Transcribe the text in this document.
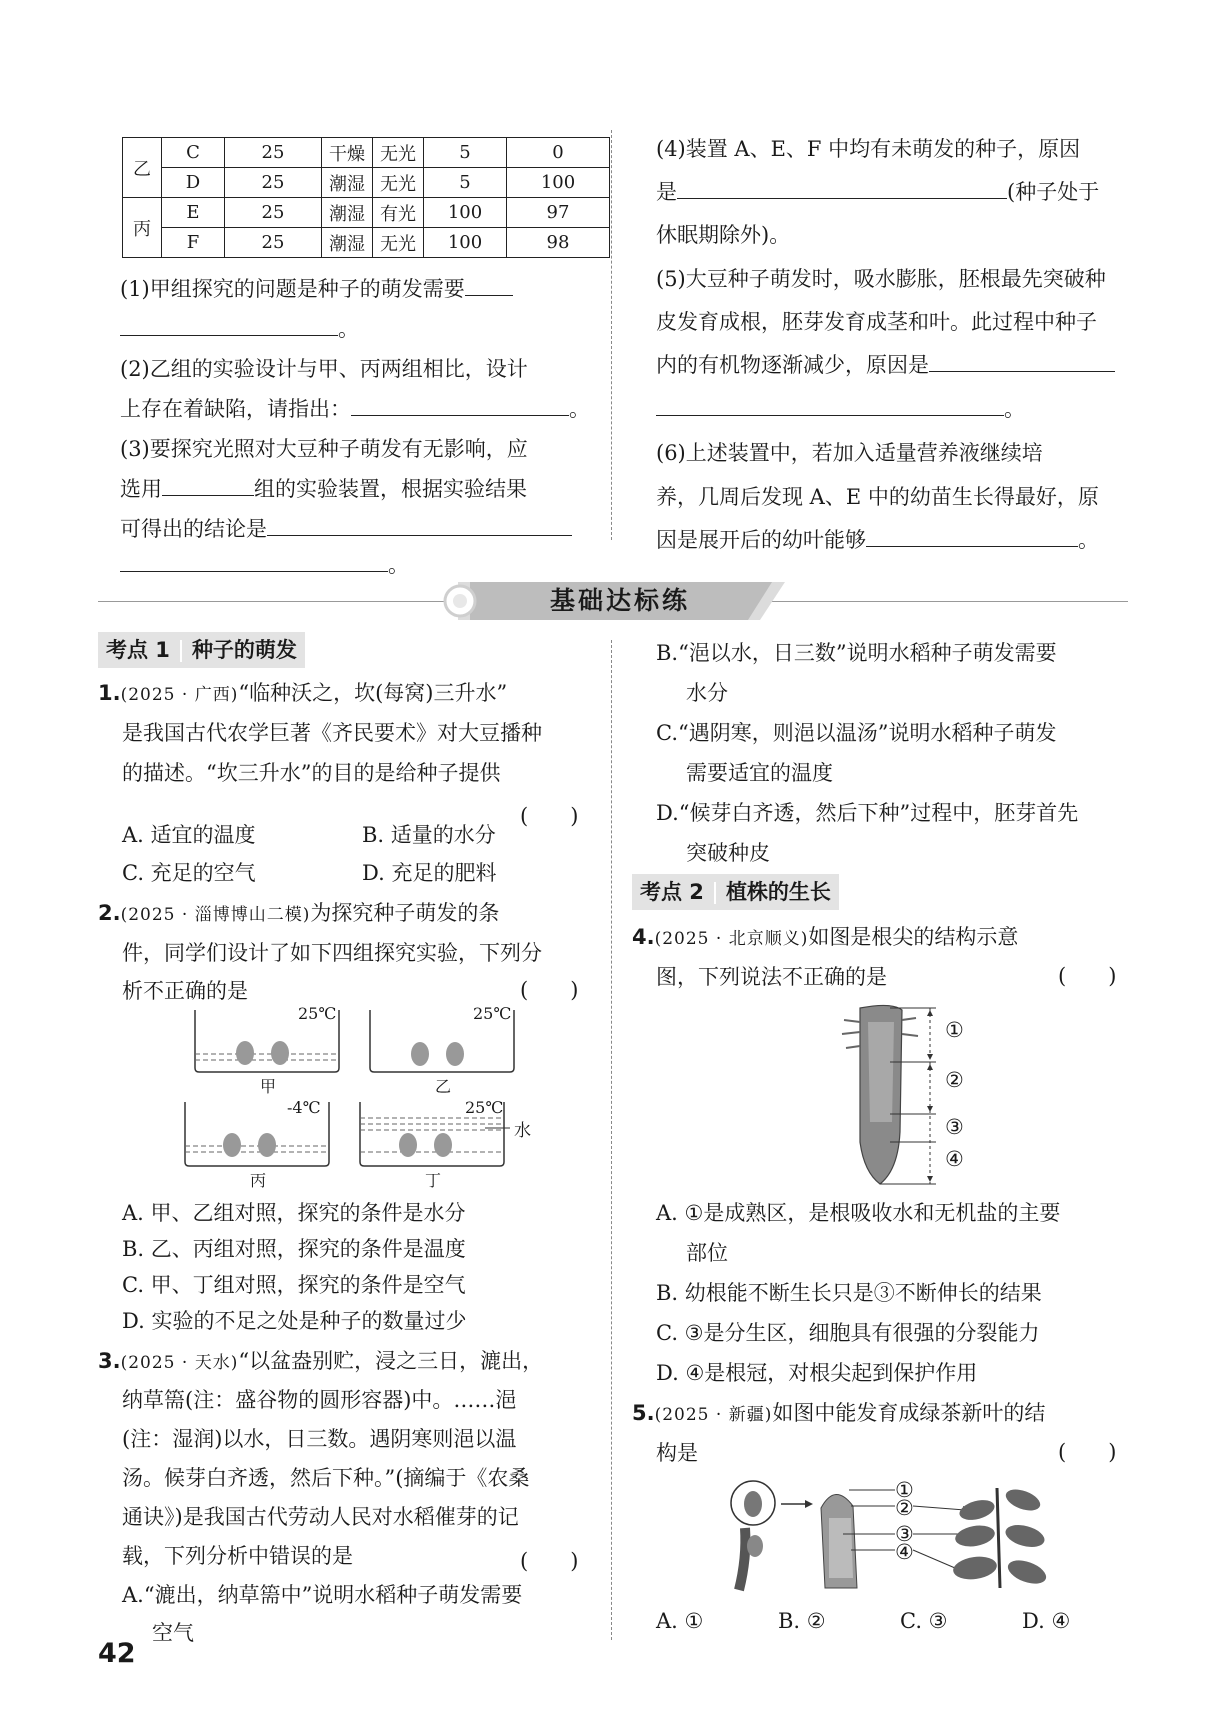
乙	C	25	干燥	无光	5	0
	D	25	潮湿	无光	5	100
丙	E	25	潮湿	有光	100	97
	F	25	潮湿	无光	100	98
(1)甲组探究的问题是种子的萌发需要
。
(2)乙组的实验设计与甲、丙两组相比，设计
上存在着缺陷，请指出：	。
(3)要探究光照对大豆种子萌发有无影响，应
选用	组的实验装置，根据实验结果
可得出的结论是
。
(4)装置 A、E、F 中均有未萌发的种子，原因
是	(种子处于
休眠期除外)。
(5)大豆种子萌发时，吸水膨胀，胚根最先突破种
皮发育成根，胚芽发育成茎和叶。此过程中种子
内的有机物逐渐减少，原因是
。
(6)上述装置中，若加入适量营养液继续培
养，几周后发现 A、E 中的幼苗生长得最好，原
因是展开后的幼叶能够	。
基础达标练
考点 1 种子的萌发
1.(2025 · 广西)“临种沃之，坎(每窝)三升水”
是我国古代农学巨著《齐民要术》对大豆播种
的描述。“坎三升水”的目的是给种子提供
(　　)
A. 适宜的温度	B. 适量的水分
C. 充足的空气	D. 充足的肥料
2.(2025 · 淄博博山二模)为探究种子萌发的条
件，同学们设计了如下四组探究实验，下列分
析不正确的是	(　　)
25℃	25℃
-4℃	25℃
甲	乙
丙	丁
水
A. 甲、乙组对照，探究的条件是水分
B. 乙、丙组对照，探究的条件是温度
C. 甲、丁组对照，探究的条件是空气
D. 实验的不足之处是种子的数量过少
3.(2025 · 天水)“以盆盎别贮，浸之三日，漉出，
纳草篅(注：盛谷物的圆形容器)中。……浥
(注：湿润)以水，日三数。遇阴寒则浥以温
汤。候芽白齐透，然后下种。”(摘编于《农桑
通诀》)是我国古代劳动人民对水稻催芽的记
载，下列分析中错误的是	(　　)
A.“漉出，纳草篅中”说明水稻种子萌发需要
空气
B.“浥以水，日三数”说明水稻种子萌发需要
水分
C.“遇阴寒，则浥以温汤”说明水稻种子萌发
需要适宜的温度
D.“候芽白齐透，然后下种”过程中，胚芽首先
突破种皮
考点 2 植株的生长
4.(2025 · 北京顺义)如图是根尖的结构示意
图，下列说法不正确的是	(　　)
①
②
③
④
A. ①是成熟区，是根吸收水和无机盐的主要
部位
B. 幼根能不断生长只是③不断伸长的结果
C. ③是分生区，细胞具有很强的分裂能力
D. ④是根冠，对根尖起到保护作用
5.(2025 · 新疆)如图中能发育成绿茶新叶的结
构是	(　　)
①
②
③
④
A. ①	B. ②	C. ③	D. ④
42
